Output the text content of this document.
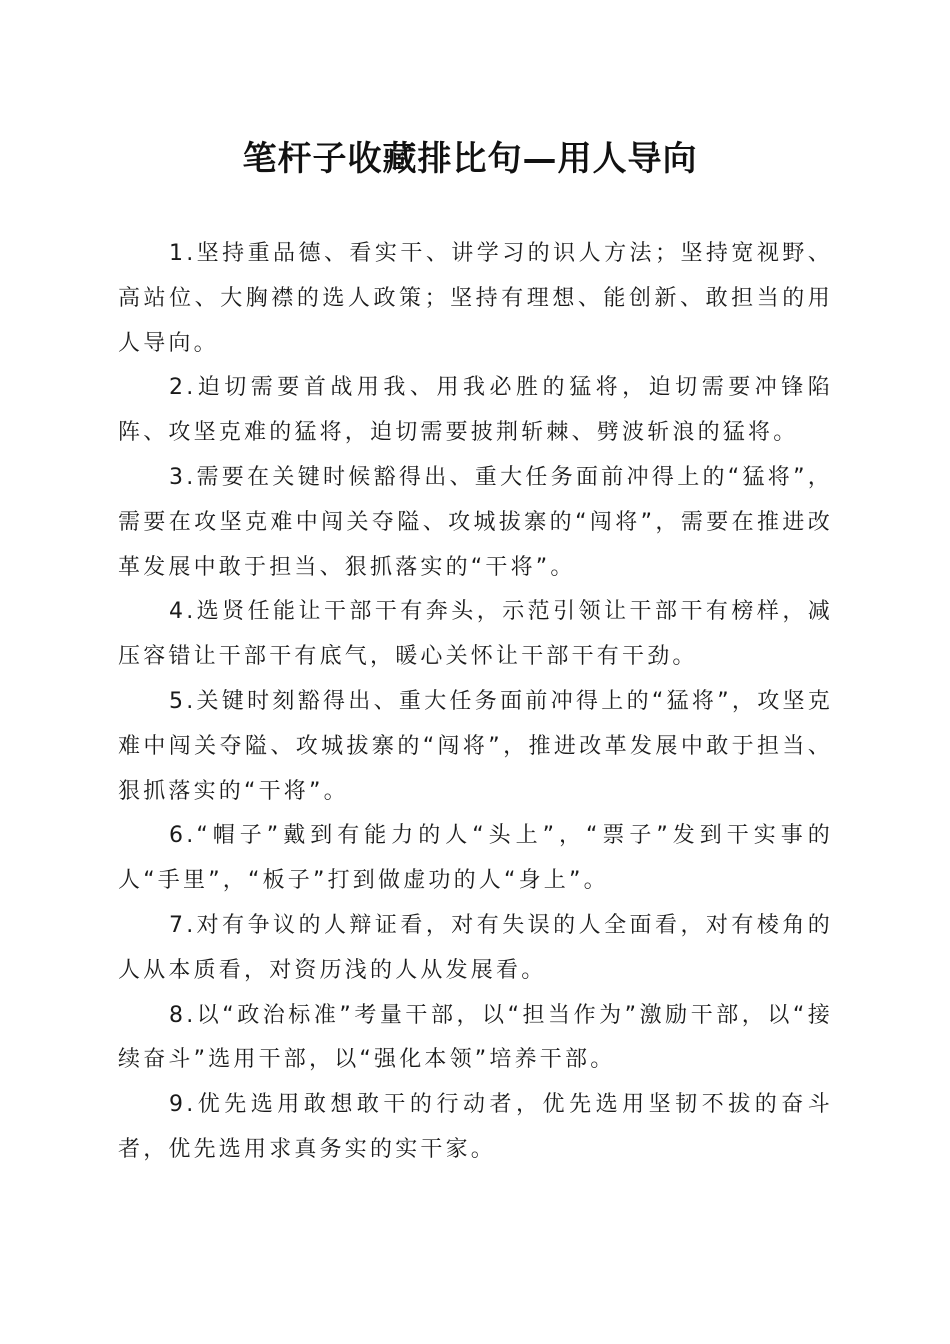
笔杆子收藏排比句—用人导向

1.坚持重品德、看实干、讲学习的识人方法；坚持宽视野、高站位、大胸襟的选人政策；坚持有理想、能创新、敢担当的用人导向。

2.迫切需要首战用我、用我必胜的猛将，迫切需要冲锋陷阵、攻坚克难的猛将，迫切需要披荆斩棘、劈波斩浪的猛将。

3.需要在关键时候豁得出、重大任务面前冲得上的“猛将”，需要在攻坚克难中闯关夺隘、攻城拔寨的“闯将”，需要在推进改革发展中敢于担当、狠抓落实的“干将”。

4.选贤任能让干部干有奔头，示范引领让干部干有榜样，减压容错让干部干有底气，暖心关怀让干部干有干劲。

5.关键时刻豁得出、重大任务面前冲得上的“猛将”，攻坚克难中闯关夺隘、攻城拔寨的“闯将”，推进改革发展中敢于担当、狠抓落实的“干将”。

6.“帽子”戴到有能力的人“头上”，“票子”发到干实事的人“手里”，“板子”打到做虚功的人“身上”。

7.对有争议的人辩证看，对有失误的人全面看，对有棱角的人从本质看，对资历浅的人从发展看。

8.以“政治标准”考量干部，以“担当作为”激励干部，以“接续奋斗”选用干部，以“强化本领”培养干部。

9.优先选用敢想敢干的行动者，优先选用坚韧不拔的奋斗者，优先选用求真务实的实干家。
